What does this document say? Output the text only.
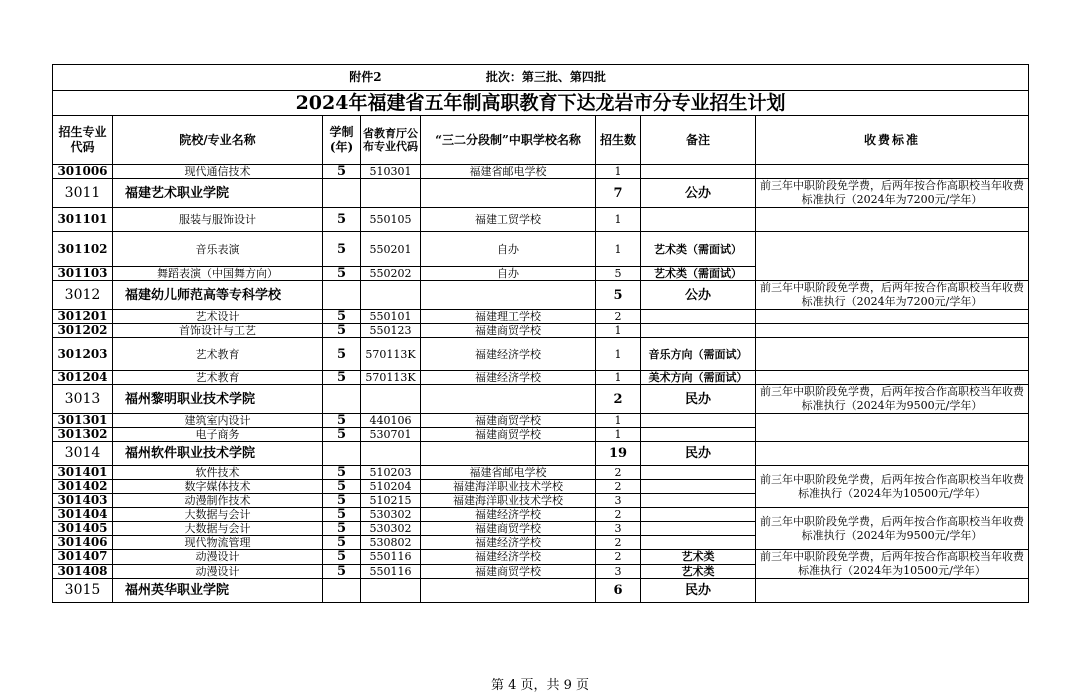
附件2 批次：第三批、第四批							
2024年福建省五年制高职教育下达龙岩市分专业招生计划							
招生专业代码	院校/专业名称	学制(年)	省教育厅公布专业代码	“三二分段制”中职学校名称	招生数	备注	收费标准
301006	现代通信技术	5	510301	福建省邮电学校	1		
3011	福建艺术职业学院				7	公办	前三年中职阶段免学费，后两年按合作高职校当年收费标准执行（2024年为7200元/学年）
301101	服装与服饰设计	5	550105	福建工贸学校	1		
301102	音乐表演	5	550201	自办	1	艺术类（需面试）	
301103	舞蹈表演（中国舞方向）	5	550202	自办	5	艺术类（需面试）	
3012	福建幼儿师范高等专科学校				5	公办	前三年中职阶段免学费，后两年按合作高职校当年收费标准执行（2024年为7200元/学年）
301201	艺术设计	5	550101	福建理工学校	2		
301202	首饰设计与工艺	5	550123	福建商贸学校	1		
301203	艺术教育	5	570113K	福建经济学校	1	音乐方向（需面试）	
301204	艺术教育	5	570113K	福建经济学校	1	美术方向（需面试）	
3013	福州黎明职业技术学院				2	民办	前三年中职阶段免学费，后两年按合作高职校当年收费标准执行（2024年为9500元/学年）
301301	建筑室内设计	5	440106	福建商贸学校	1		
301302	电子商务	5	530701	福建商贸学校	1		
3014	福州软件职业技术学院				19	民办	
301401	软件技术	5	510203	福建省邮电学校	2		前三年中职阶段免学费，后两年按合作高职校当年收费标准执行（2024年为10500元/学年）
301402	数字媒体技术	5	510204	福建海洋职业技术学校	2		
301403	动漫制作技术	5	510215	福建海洋职业技术学校	3		
301404	大数据与会计	5	530302	福建经济学校	2		前三年中职阶段免学费，后两年按合作高职校当年收费标准执行（2024年为9500元/学年）
301405	大数据与会计	5	530302	福建商贸学校	3		
301406	现代物流管理	5	530802	福建经济学校	2		
301407	动漫设计	5	550116	福建经济学校	2	艺术类	前三年中职阶段免学费，后两年按合作高职校当年收费标准执行（2024年为10500元/学年）
301408	动漫设计	5	550116	福建商贸学校	3	艺术类	
3015	福州英华职业学院				6	民办	
第 4 页，共 9 页
